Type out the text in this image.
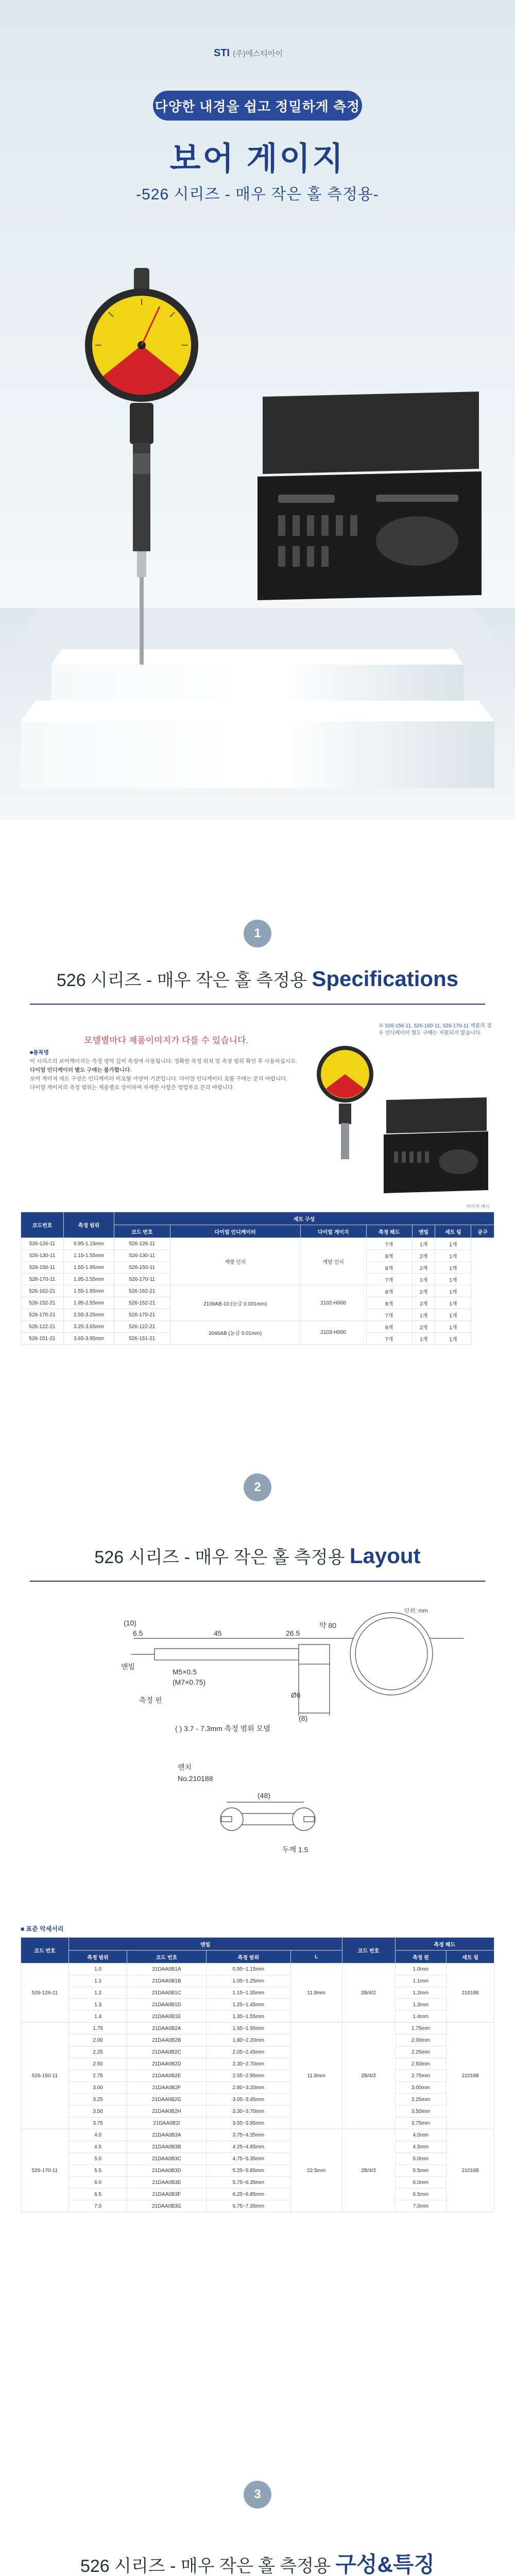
STI (주)에스티아이
다양한 내경을 쉽고 정밀하게 측정
보어 게이지
-526 시리즈 - 매우 작은 홀 측정용-
1
526 시리즈 - 매우 작은 홀 측정용 Specifications
모델별마다 제품이미지가 다를 수 있습니다.
■품목명
이 시리즈의 보어게이지는 측정 영역 길이 측정에 사용됩니다. 정확한 측정 위치 및 측정 범위 확인 후 사용하십시오.
다이얼 인디케이터 별도 구매는 불가합니다.
보어 게이지 세트 구성은 인디케이터 미포함 사양이 기준입니다. 다이얼 인디케이터 포함 구매는 문의 바랍니다.
다이얼 게이지의 측정 범위는 제품별로 상이하며 자세한 사항은 영업부로 문의 바랍니다.
※ 526-156-11, 526-160-11, 526-170-11 제품의 경우 인디케이터 별도 구매는 지원되지 않습니다.
이미지 예시
코드번호	측정 범위	세트 구성						
		코드 번호	다이얼 인디케이터	다이얼 게이지	측정 헤드	앤빌	세트 링	공구
526-126-11	0.95-1.15mm	526-126-11	계량 인치	계량 인치	7개	1개	1개	
526-130-11	1.15-1.55mm	526-130-11			8개	2개	1개	
526-150-11	1.55-1.95mm	526-150-11			8개	2개	1개	
526-170-11	1.95-2.55mm	526-170-11			7개	1개	1개	
526-162-21	1.55-1.95mm	526-162-21	2109AB-10 (눈금 0.001mm)	2102-H000	8개	2개	1개	
526-152-21	1.95-2.55mm	526-152-21			8개	2개	1개	
526-170-21	2.55-3.25mm	526-170-21			7개	1개	1개	
526-122-21	3.25-3.65mm	526-122-21	2046AB (눈금 0.01mm)	2103-H000	8개	2개	1개	
526-151-21	3.65-3.95mm	526-151-21			7개	1개	1개	
2
526 시리즈 - 매우 작은 홀 측정용 Layout
단위: mm
(10)
6.5	45	26.5
약 80
Ø6
(8)
앤빌
M5×0.5
(M7×0.75)
측정 핀
( ) 3.7 - 7.3mm 측정 범위 모델
렌치
No.210188
(48)
두께 1.5
■ 표준 악세서리
코드 번호	앤빌				코드 번호	측정 헤드	
	측정 범위	코드 번호	측정 범위	L		측정 핀	세트 링
526-126-11	1.0	21DAA0B1A	0.95~1.15mm	11.8mm	2B/4/2	1.0mm	210188
	1.1	21DAA0B1B	1.05~1.25mm			1.1mm	
	1.2	21DAA0B1C	1.15~1.35mm			1.2mm	
	1.3	21DAA0B1D	1.25~1.45mm			1.3mm	
	1.4	21DAA0B1E	1.35~1.55mm			1.4mm	
526-150-11	1.75	21DAA0B2A	1.55~1.95mm	11.8mm	2B/4/2	1.75mm	210188
	2.00	21DAA0B2B	1.80~2.20mm			2.00mm	
	2.25	21DAA0B2C	2.05~2.45mm			2.25mm	
	2.50	21DAA0B2D	2.30~2.70mm			2.50mm	
	2.75	21DAA0B2E	2.55~2.95mm			2.75mm	
	3.00	21DAA0B2F	2.80~3.20mm			3.00mm	
	3.25	21DAA0B2G	3.05~3.45mm			3.25mm	
	3.50	21DAA0B2H	3.30~3.70mm			3.50mm	
	3.75	21DAA0B2I	3.55~3.95mm			3.75mm	
526-170-11	4.0	21DAA0B3A	3.75~4.35mm	22.5mm	2B/4/2	4.0mm	210188
	4.5	21DAA0B3B	4.25~4.85mm			4.5mm	
	5.0	21DAA0B3C	4.75~5.35mm			5.0mm	
	5.5	21DAA0B3D	5.25~5.85mm			5.5mm	
	6.0	21DAA0B3E	5.75~6.35mm			6.0mm	
	6.5	21DAA0B3F	6.25~6.85mm			6.5mm	
	7.0	21DAA0B3G	6.75~7.35mm			7.0mm	
3
526 시리즈 - 매우 작은 홀 측정용 구성&특징
